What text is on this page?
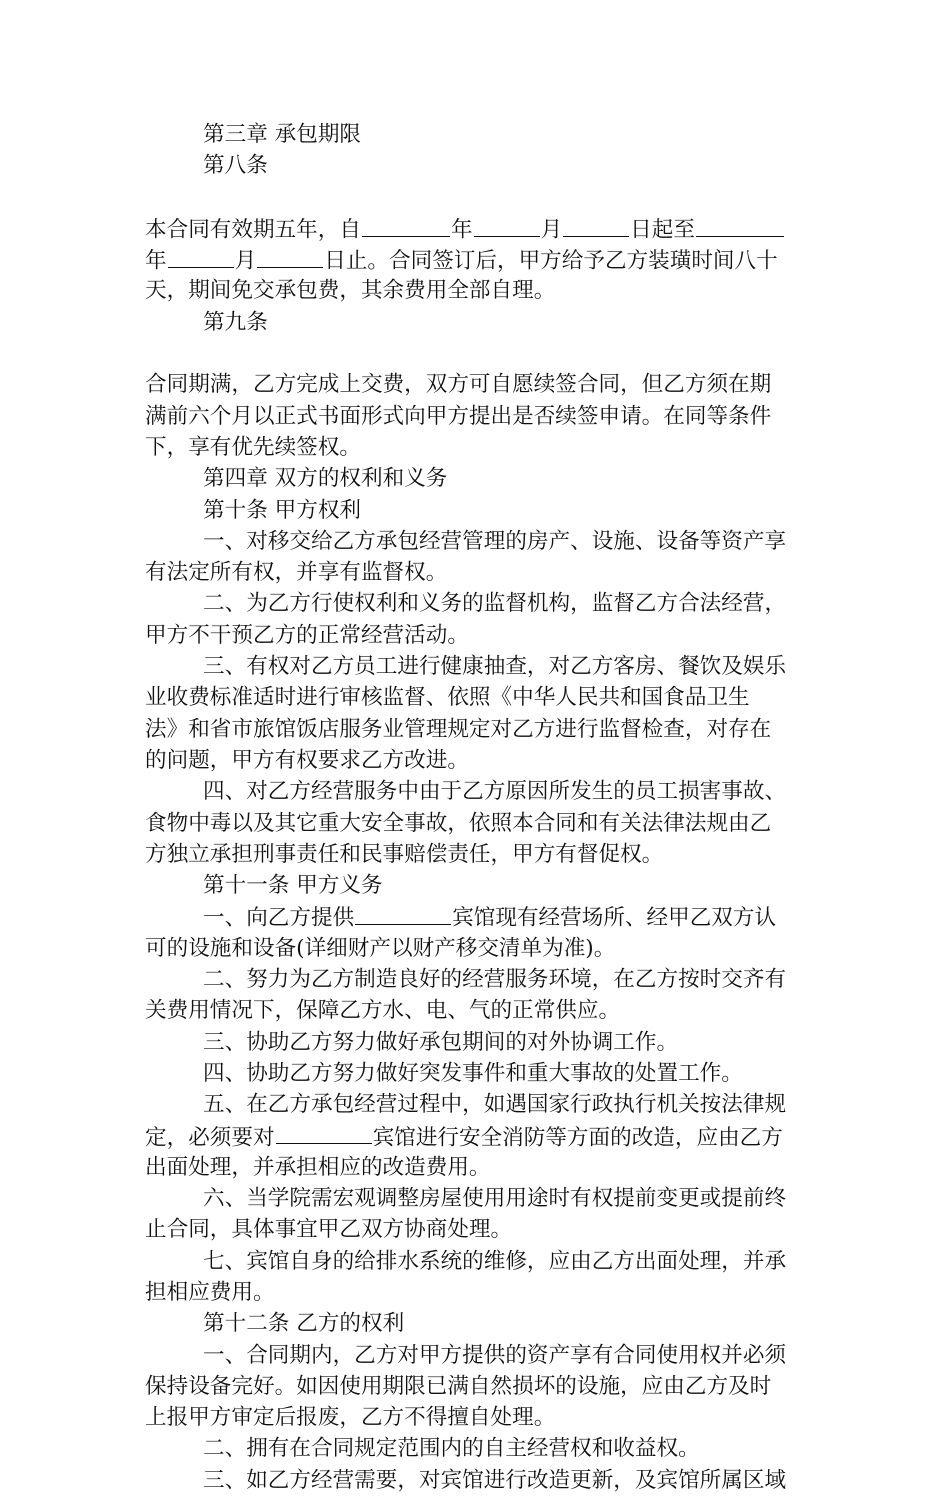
第三章 承包期限
第八条
本合同有效期五年，自	年	月	日起至
年	月	日止。合同签订后，甲方给予乙方装璜时间八十
天，期间免交承包费，其余费用全部自理。
第九条
合同期满，乙方完成上交费，双方可自愿续签合同，但乙方须在期
满前六个月以正式书面形式向甲方提出是否续签申请。在同等条件
下，享有优先续签权。
第四章 双方的权利和义务
第十条 甲方权利
一、对移交给乙方承包经营管理的房产、设施、设备等资产享
有法定所有权，并享有监督权。
二、为乙方行使权利和义务的监督机构，监督乙方合法经营，
甲方不干预乙方的正常经营活动。
三、有权对乙方员工进行健康抽查，对乙方客房、餐饮及娱乐
业收费标准适时进行审核监督、依照《中华人民共和国食品卫生
法》和省市旅馆饭店服务业管理规定对乙方进行监督检查，对存在
的问题，甲方有权要求乙方改进。
四、对乙方经营服务中由于乙方原因所发生的员工损害事故、
食物中毒以及其它重大安全事故，依照本合同和有关法律法规由乙
方独立承担刑事责任和民事赔偿责任，甲方有督促权。
第十一条 甲方义务
一、向乙方提供	宾馆现有经营场所、经甲乙双方认
可的设施和设备(详细财产以财产移交清单为准)。
二、努力为乙方制造良好的经营服务环境，在乙方按时交齐有
关费用情况下，保障乙方水、电、气的正常供应。
三、协助乙方努力做好承包期间的对外协调工作。
四、协助乙方努力做好突发事件和重大事故的处置工作。
五、在乙方承包经营过程中，如遇国家行政执行机关按法律规
定，必须要对	宾馆进行安全消防等方面的改造，应由乙方
出面处理，并承担相应的改造费用。
六、当学院需宏观调整房屋使用用途时有权提前变更或提前终
止合同，具体事宜甲乙双方协商处理。
七、宾馆自身的给排水系统的维修，应由乙方出面处理，并承
担相应费用。
第十二条 乙方的权利
一、合同期内，乙方对甲方提供的资产享有合同使用权并必须
保持设备完好。如因使用期限已满自然损坏的设施，应由乙方及时
上报甲方审定后报废，乙方不得擅自处理。
二、拥有在合同规定范围内的自主经营权和收益权。
三、如乙方经营需要，对宾馆进行改造更新，及宾馆所属区域
